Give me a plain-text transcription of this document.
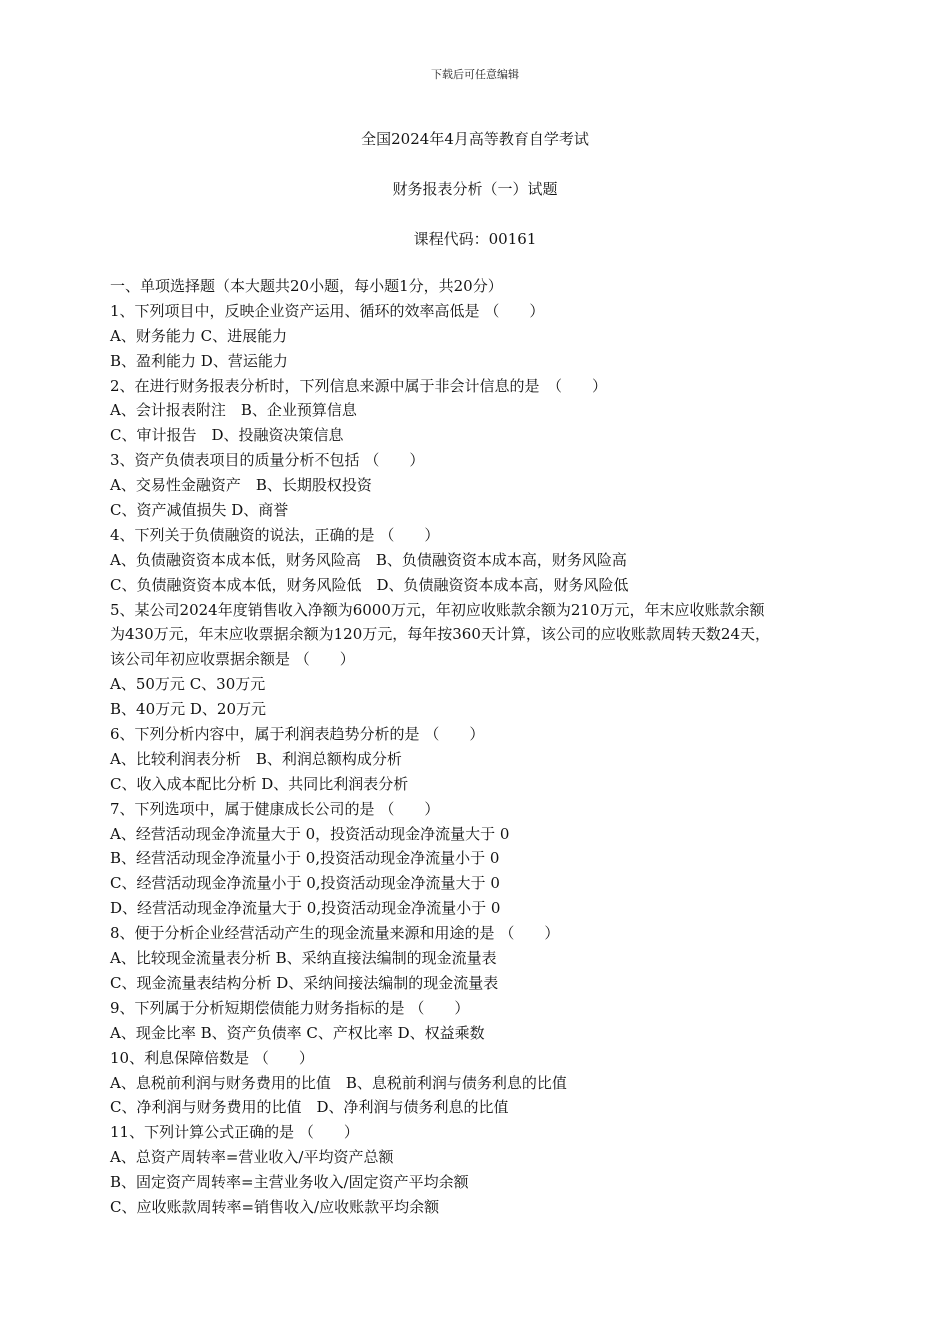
下载后可任意编辑
全国2024年4月高等教育自学考试
财务报表分析（一）试题
课程代码：00161
一、单项选择题（本大题共20小题，每小题1分，共20分）
1、下列项目中，反映企业资产运用、循环的效率高低是 （　　）
A、财务能力 C、进展能力
B、盈利能力 D、营运能力
2、在进行财务报表分析时，下列信息来源中属于非会计信息的是　（　　）
A、会计报表附注　B、企业预算信息
C、审计报告　D、投融资决策信息
3、资产负债表项目的质量分析不包括 （　　）
A、交易性金融资产　B、长期股权投资
C、资产减值损失 D、商誉
4、下列关于负债融资的说法，正确的是 （　　）
A、负债融资资本成本低，财务风险高　B、负债融资资本成本高，财务风险高
C、负债融资资本成本低，财务风险低　D、负债融资资本成本高，财务风险低
5、某公司2024年度销售收入净额为6000万元，年初应收账款余额为210万元，年末应收账款余额
为430万元，年末应收票据余额为120万元，每年按360天计算，该公司的应收账款周转天数24天，
该公司年初应收票据余额是 （　　）
A、50万元 C、30万元
B、40万元 D、20万元
6、下列分析内容中，属于利润表趋势分析的是 （　　）
A、比较利润表分析　B、利润总额构成分析
C、收入成本配比分析 D、共同比利润表分析
7、下列选项中，属于健康成长公司的是 （　　）
A、经营活动现金净流量大于 0，投资活动现金净流量大于 0
B、经营活动现金净流量小于 0,投资活动现金净流量小于 0
C、经营活动现金净流量小于 0,投资活动现金净流量大于 0
D、经营活动现金净流量大于 0,投资活动现金净流量小于 0
8、便于分析企业经营活动产生的现金流量来源和用途的是 （　　）
A、比较现金流量表分析 B、采纳直接法编制的现金流量表
C、现金流量表结构分析 D、采纳间接法编制的现金流量表
9、下列属于分析短期偿债能力财务指标的是 （　　）
A、现金比率 B、资产负债率 C、产权比率 D、权益乘数
10、利息保障倍数是 （　　）
A、息税前利润与财务费用的比值　B、息税前利润与债务利息的比值
C、净利润与财务费用的比值　D、净利润与债务利息的比值
11、下列计算公式正确的是 （　　）
A、总资产周转率=营业收入/平均资产总额
B、固定资产周转率=主营业务收入/固定资产平均余额
C、应收账款周转率=销售收入/应收账款平均余额
